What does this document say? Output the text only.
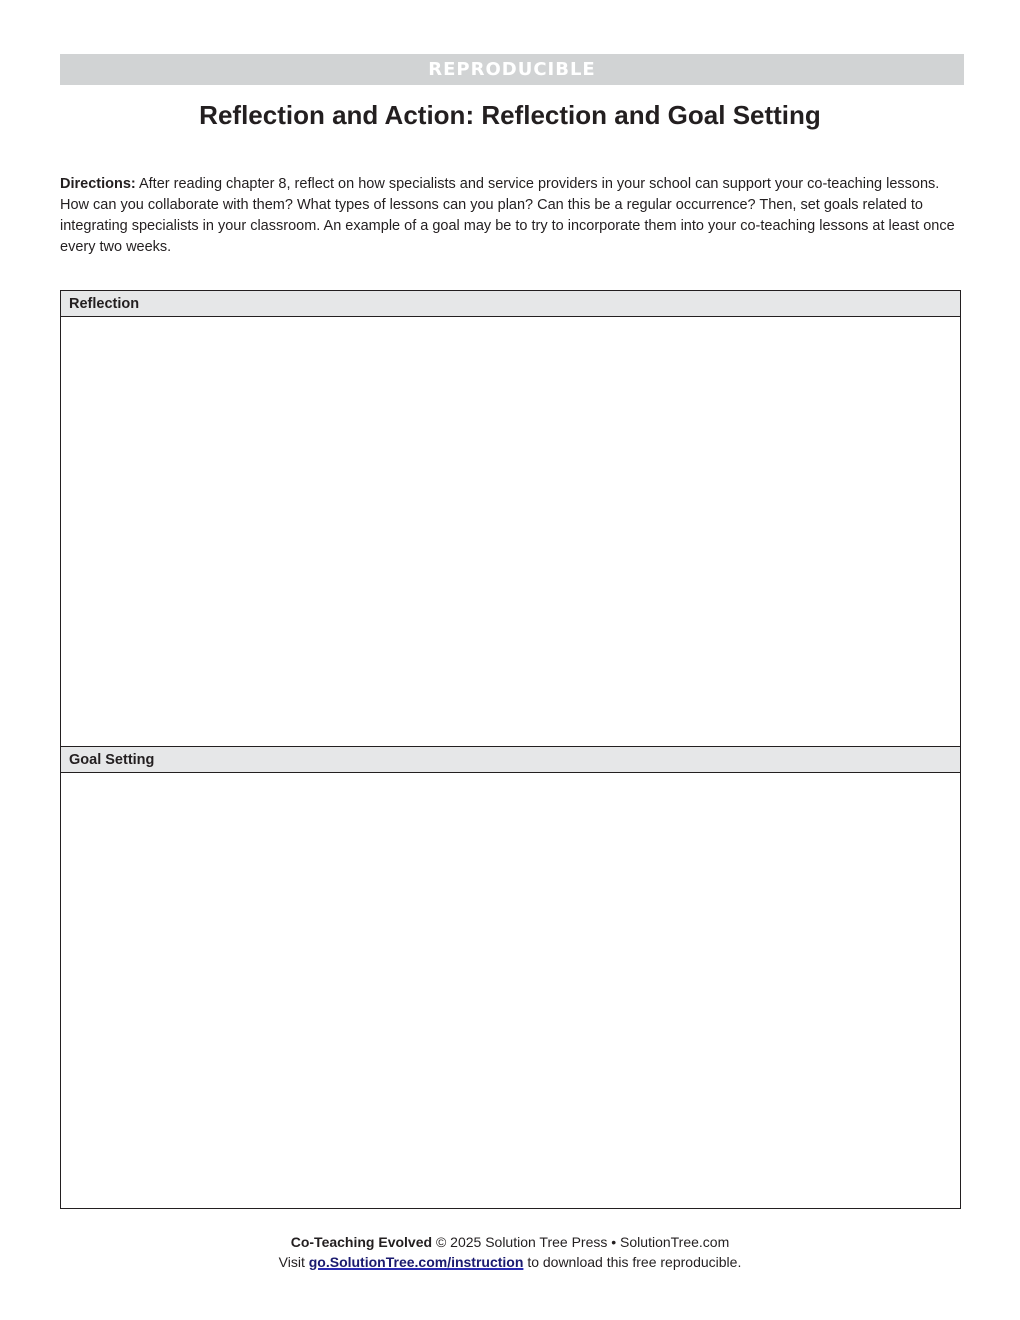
REPRODUCIBLE
Reflection and Action: Reflection and Goal Setting
Directions: After reading chapter 8, reflect on how specialists and service providers in your school can support your co-teaching lessons. How can you collaborate with them? What types of lessons can you plan? Can this be a regular occurrence? Then, set goals related to integrating specialists in your classroom. An example of a goal may be to try to incorporate them into your co-teaching lessons at least once every two weeks.
Reflection
Goal Setting
Co-Teaching Evolved © 2025 Solution Tree Press • SolutionTree.com
Visit go.SolutionTree.com/instruction to download this free reproducible.
